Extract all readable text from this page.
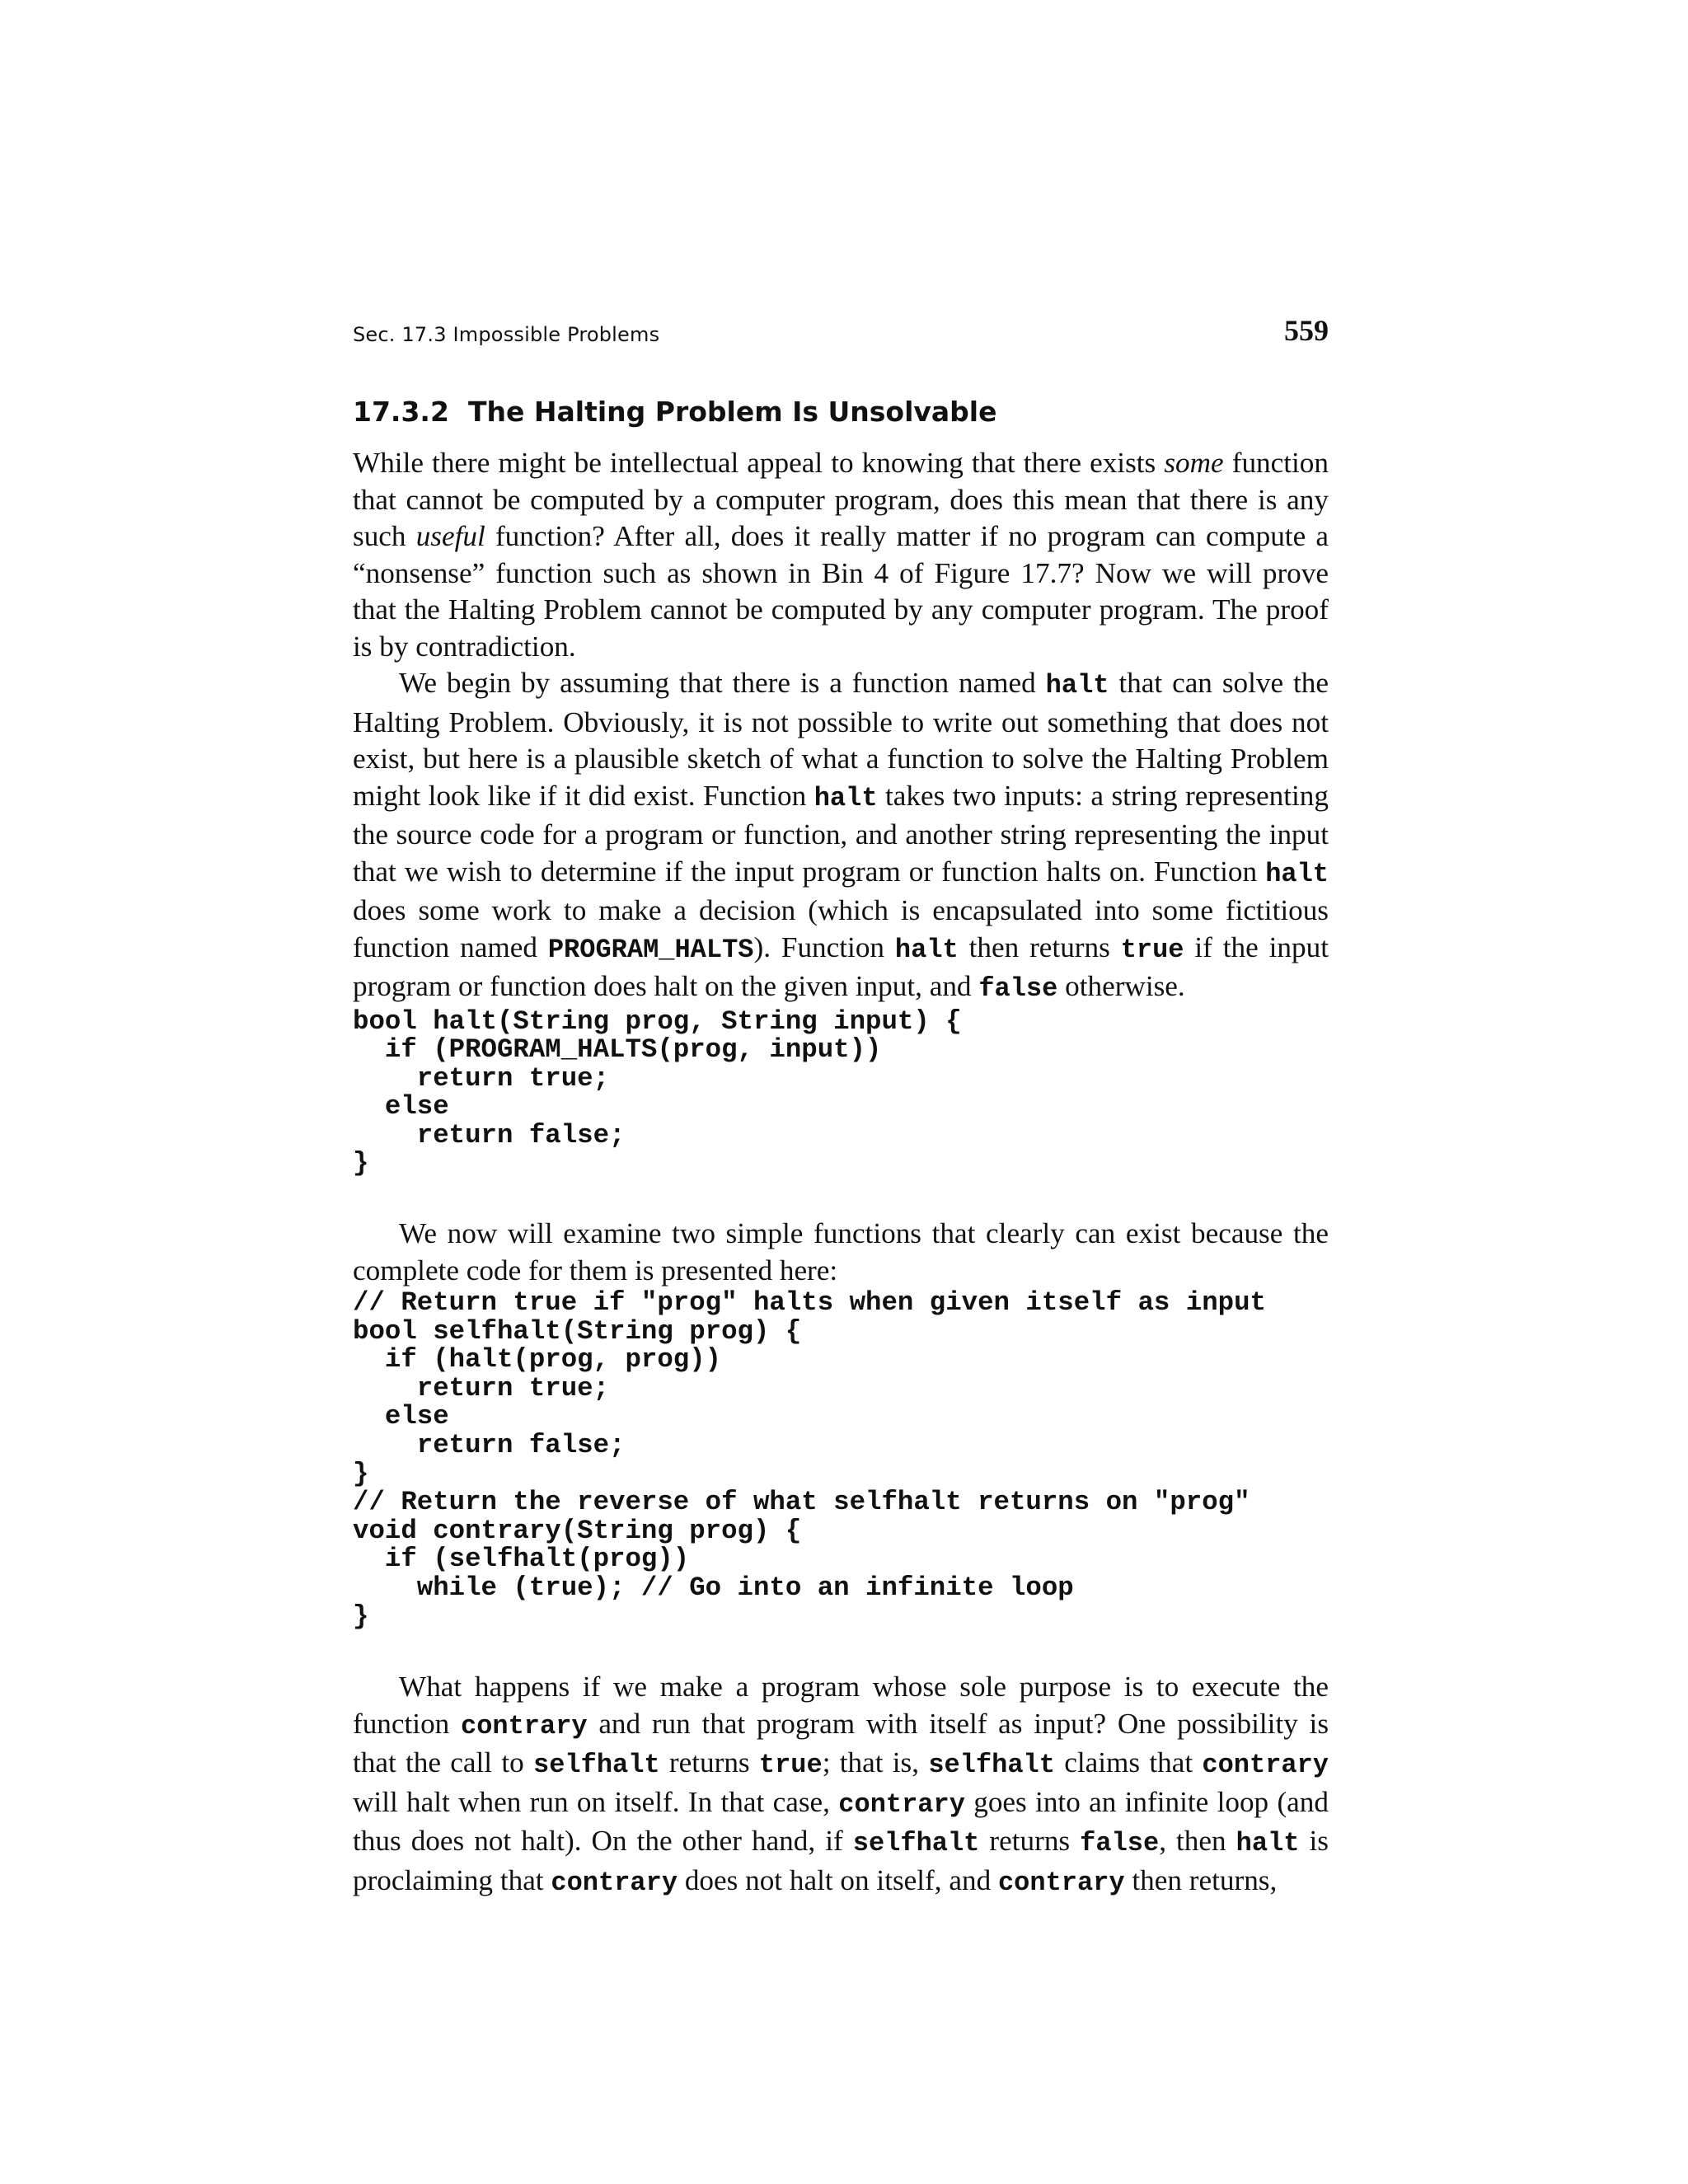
Sec. 17.3 Impossible Problems	559
17.3.2 The Halting Problem Is Unsolvable

While there might be intellectual appeal to knowing that there exists some function that cannot be computed by a computer program, does this mean that there is any such useful function? After all, does it really matter if no program can compute a “nonsense” function such as shown in Bin 4 of Figure 17.7? Now we will prove that the Halting Problem cannot be computed by any computer program. The proof is by contradiction.

We begin by assuming that there is a function named halt that can solve the Halting Problem. Obviously, it is not possible to write out something that does not exist, but here is a plausible sketch of what a function to solve the Halting Problem might look like if it did exist. Function halt takes two inputs: a string representing the source code for a program or function, and another string representing the input that we wish to determine if the input program or function halts on. Function halt does some work to make a decision (which is encapsulated into some fictitious function named PROGRAM_HALTS). Function halt then returns true if the input program or function does halt on the given input, and false otherwise.

bool halt(String prog, String input) {
if (PROGRAM_HALTS(prog, input))
return true;
else
return false;
}

We now will examine two simple functions that clearly can exist because the complete code for them is presented here:

// Return true if "prog" halts when given itself as input
bool selfhalt(String prog) {
if (halt(prog, prog))
return true;
else
return false;
}
// Return the reverse of what selfhalt returns on "prog"
void contrary(String prog) {
if (selfhalt(prog))
while (true); // Go into an infinite loop
}

What happens if we make a program whose sole purpose is to execute the function contrary and run that program with itself as input? One possibility is that the call to selfhalt returns true; that is, selfhalt claims that contrary will halt when run on itself. In that case, contrary goes into an infinite loop (and thus does not halt). On the other hand, if selfhalt returns false, then halt is proclaiming that contrary does not halt on itself, and contrary then returns,
